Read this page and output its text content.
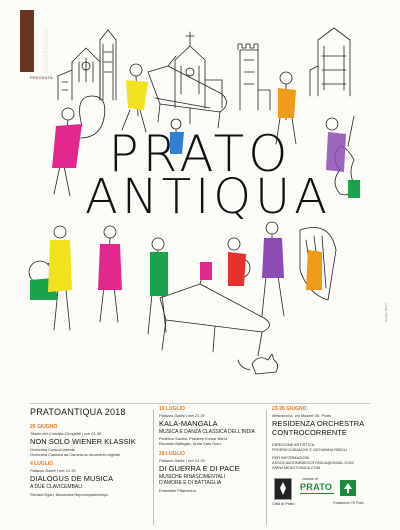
MESOTONICA
PRESENTA
PRATO
ANTIQUA
Design: Sironi
PRATOANTIQUA 2018
26 GIUGNO
Teatro del Convitto Cicognini | ore 21.30
NON SOLO WIENER KLASSIK
Orchestra ControCorrente
Orchestra Classica da Camera su strumenti originali
4 LUGLIO
Palazzo Datini | ore 21.30
DIALOGUS DE MUSICA
A DUE CLAVICEMBALI
Richard Egarr, Alexandra Nepomnyashchaya
10 LUGLIO
Palazzo Datini | ore 21.30
KALA-MANGALA
MUSICA E DANZA CLASSICA DELL'INDIA
Federico Sanesi, Pradeep Kumar Barot,
Riccardo Battaglia, Nuria Sala Grau
20 LUGLIO
Palazzo Datini | ore 21.30
DI GUERRA E DI PACE
MUSICHE RINASCIMENTALI
D'AMORE E DI BATTAGLIA
Ensemble Pifarescha
23-26 GIUGNO
Mesotonica, via Mazzei 36, Prato
RESIDENZA ORCHESTRA
CONTROCORRENTE
DIREZIONE ARTISTICA
FEDERICA BIANCHI E GIOVANNA RIBOLI
PER INFORMAZIONI
ASSOCIAZIONEMESOTONICA@GMAIL.COM
WWW.MESOTONICA.COM
Città di Prato
comune di
PRATO
Fondazione CR Prato
